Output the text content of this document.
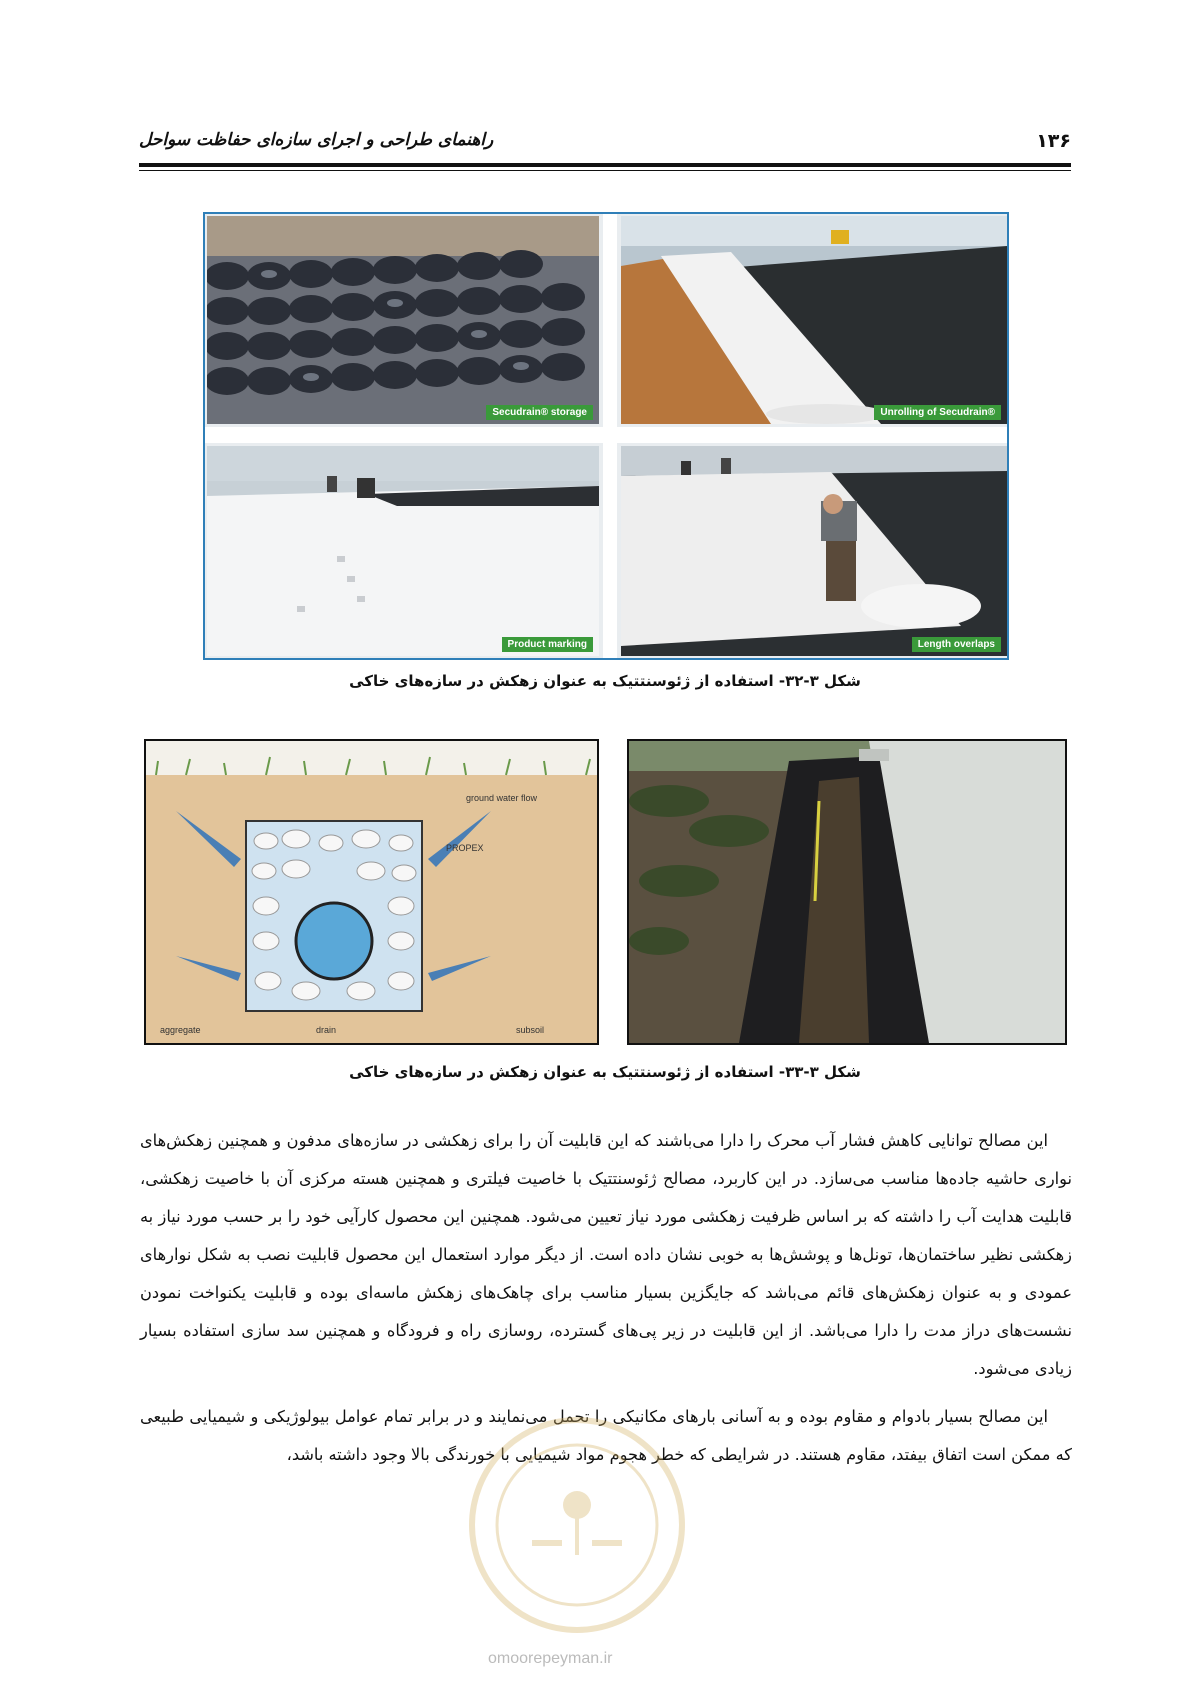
۱۳۶
راهنمای طراحی و اجرای سازه‌ای حفاظت سواحل
Secudrain® storage	Unrolling of Secudrain®
Product marking	Length overlaps
شکل ۳-۳۲- استفاده از ژئوسنتتیک به عنوان زهکش در سازه‌های خاکی
ground water flow
PROPEX
aggregate	drain	subsoil
شکل ۳-۳۳- استفاده از ژئوسنتتیک به عنوان زهکش در سازه‌های خاکی

این مصالح توانایی کاهش فشار آب محرک را دارا می‌باشند که این قابلیت آن را برای زهکشی در سازه‌های مدفون و همچنین زهکش‌های نواری حاشیه جاده‌ها مناسب می‌سازد. در این کاربرد، مصالح ژئوسنتتیک با خاصیت فیلتری و همچنین هسته مرکزی آن با خاصیت زهکشی، قابلیت هدایت آب را داشته که بر اساس ظرفیت زهکشی مورد نیاز تعیین می‌شود. همچنین این محصول کارآیی خود را بر حسب مورد نیاز به زهکشی نظیر ساختمان‌ها، تونل‌ها و پوشش‌ها به خوبی نشان داده است. از دیگر موارد استعمال این محصول قابلیت نصب به شکل نوارهای عمودی و به عنوان زهکش‌های قائم می‌باشد که جایگزین بسیار مناسب برای چاهک‌های زهکش ماسه‌ای بوده و قابلیت یکنواخت نمودن نشست‌های دراز مدت را دارا می‌باشد. از این قابلیت در زیر پی‌های گسترده، روسازی راه و فرودگاه و همچنین سد سازی استفاده بسیار زیادی می‌شود.

این مصالح بسیار بادوام و مقاوم بوده و به آسانی بارهای مکانیکی را تحمل می‌نمایند و در برابر تمام عوامل بیولوژیکی و شیمیایی طبیعی که ممکن است اتفاق بیفتد، مقاوم هستند. در شرایطی که خطر هجوم مواد شیمیایی با خورندگی بالا وجود داشته باشد،

omoorepeyman.ir
